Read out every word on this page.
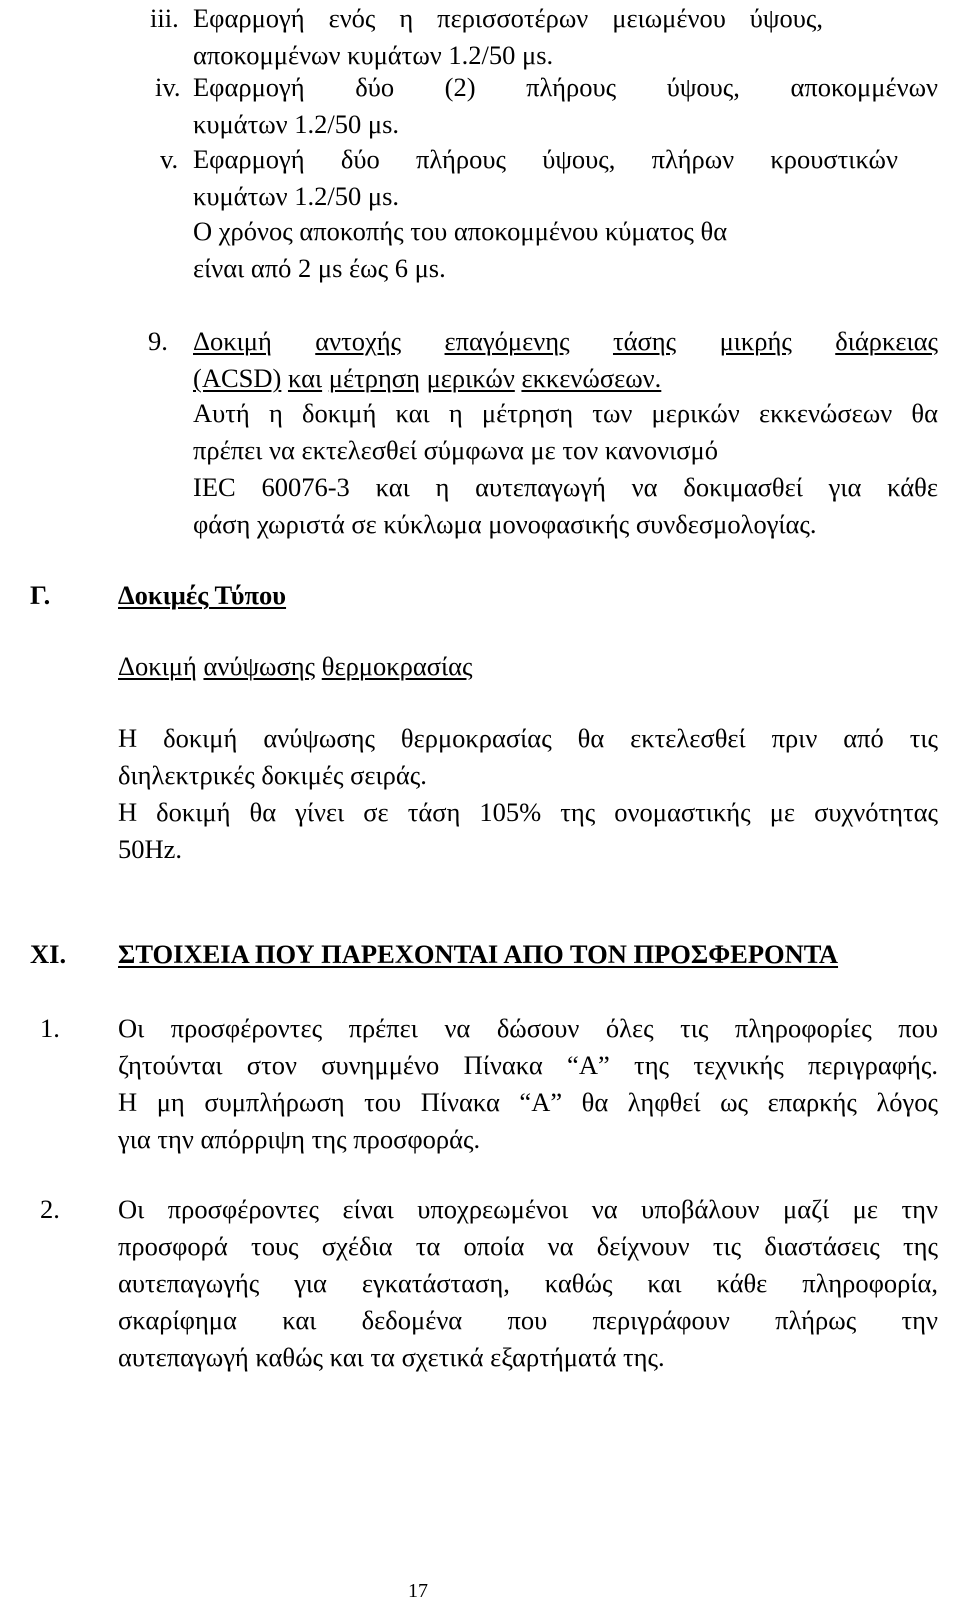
iii. Εφαρμογή ενός η περισσοτέρων μειωμένου ύψους,
αποκομμένων κυμάτων 1.2/50 μs.
iv. Εφαρμογή δύο (2) πλήρους ύψους, αποκομμένων
κυμάτων 1.2/50 μs.
v. Εφαρμογή δύο πλήρους ύψους, πλήρων κρουστικών
κυμάτων 1.2/50 μs.
Ο χρόνος αποκοπής του αποκομμένου κύματος θα
είναι από 2 μs έως 6 μs.
9. Δοκιμή αντοχής επαγόμενης τάσης μικρής διάρκειας
(ACSD) και μέτρηση μερικών εκκενώσεων.
Αυτή η δοκιμή και η μέτρηση των μερικών εκκενώσεων θα
πρέπει να εκτελεσθεί σύμφωνα με τον κανονισμό
IEC 60076-3 και η αυτεπαγωγή να δοκιμασθεί για κάθε
φάση χωριστά σε κύκλωμα μονοφασικής συνδεσμολογίας.
Γ.	Δοκιμές Τύπου
Δοκιμή ανύψωσης θερμοκρασίας
Η δοκιμή ανύψωσης θερμοκρασίας θα εκτελεσθεί πριν από τις
διηλεκτρικές δοκιμές σειράς.
Η δοκιμή θα γίνει σε τάση 105% της ονομαστικής με συχνότητας
50Hz.
XI. ΣΤΟΙΧΕΙΑ ΠΟΥ ΠΑΡΕΧΟΝΤΑΙ ΑΠΟ ΤΟΝ ΠΡΟΣΦΕΡΟΝΤΑ
1. Οι προσφέροντες πρέπει να δώσουν όλες τις πληροφορίες που
ζητούνται στον συνημμένο Πίνακα “Α” της τεχνικής περιγραφής.
Η μη συμπλήρωση του Πίνακα “Α” θα ληφθεί ως επαρκής λόγος
για την απόρριψη της προσφοράς.
2. Οι προσφέροντες είναι υποχρεωμένοι να υποβάλουν μαζί με την
προσφορά τους σχέδια τα οποία να δείχνουν τις διαστάσεις της
αυτεπαγωγής για εγκατάσταση, καθώς και κάθε πληροφορία,
σκαρίφημα και δεδομένα που περιγράφουν πλήρως την
αυτεπαγωγή καθώς και τα σχετικά εξαρτήματά της.
17
